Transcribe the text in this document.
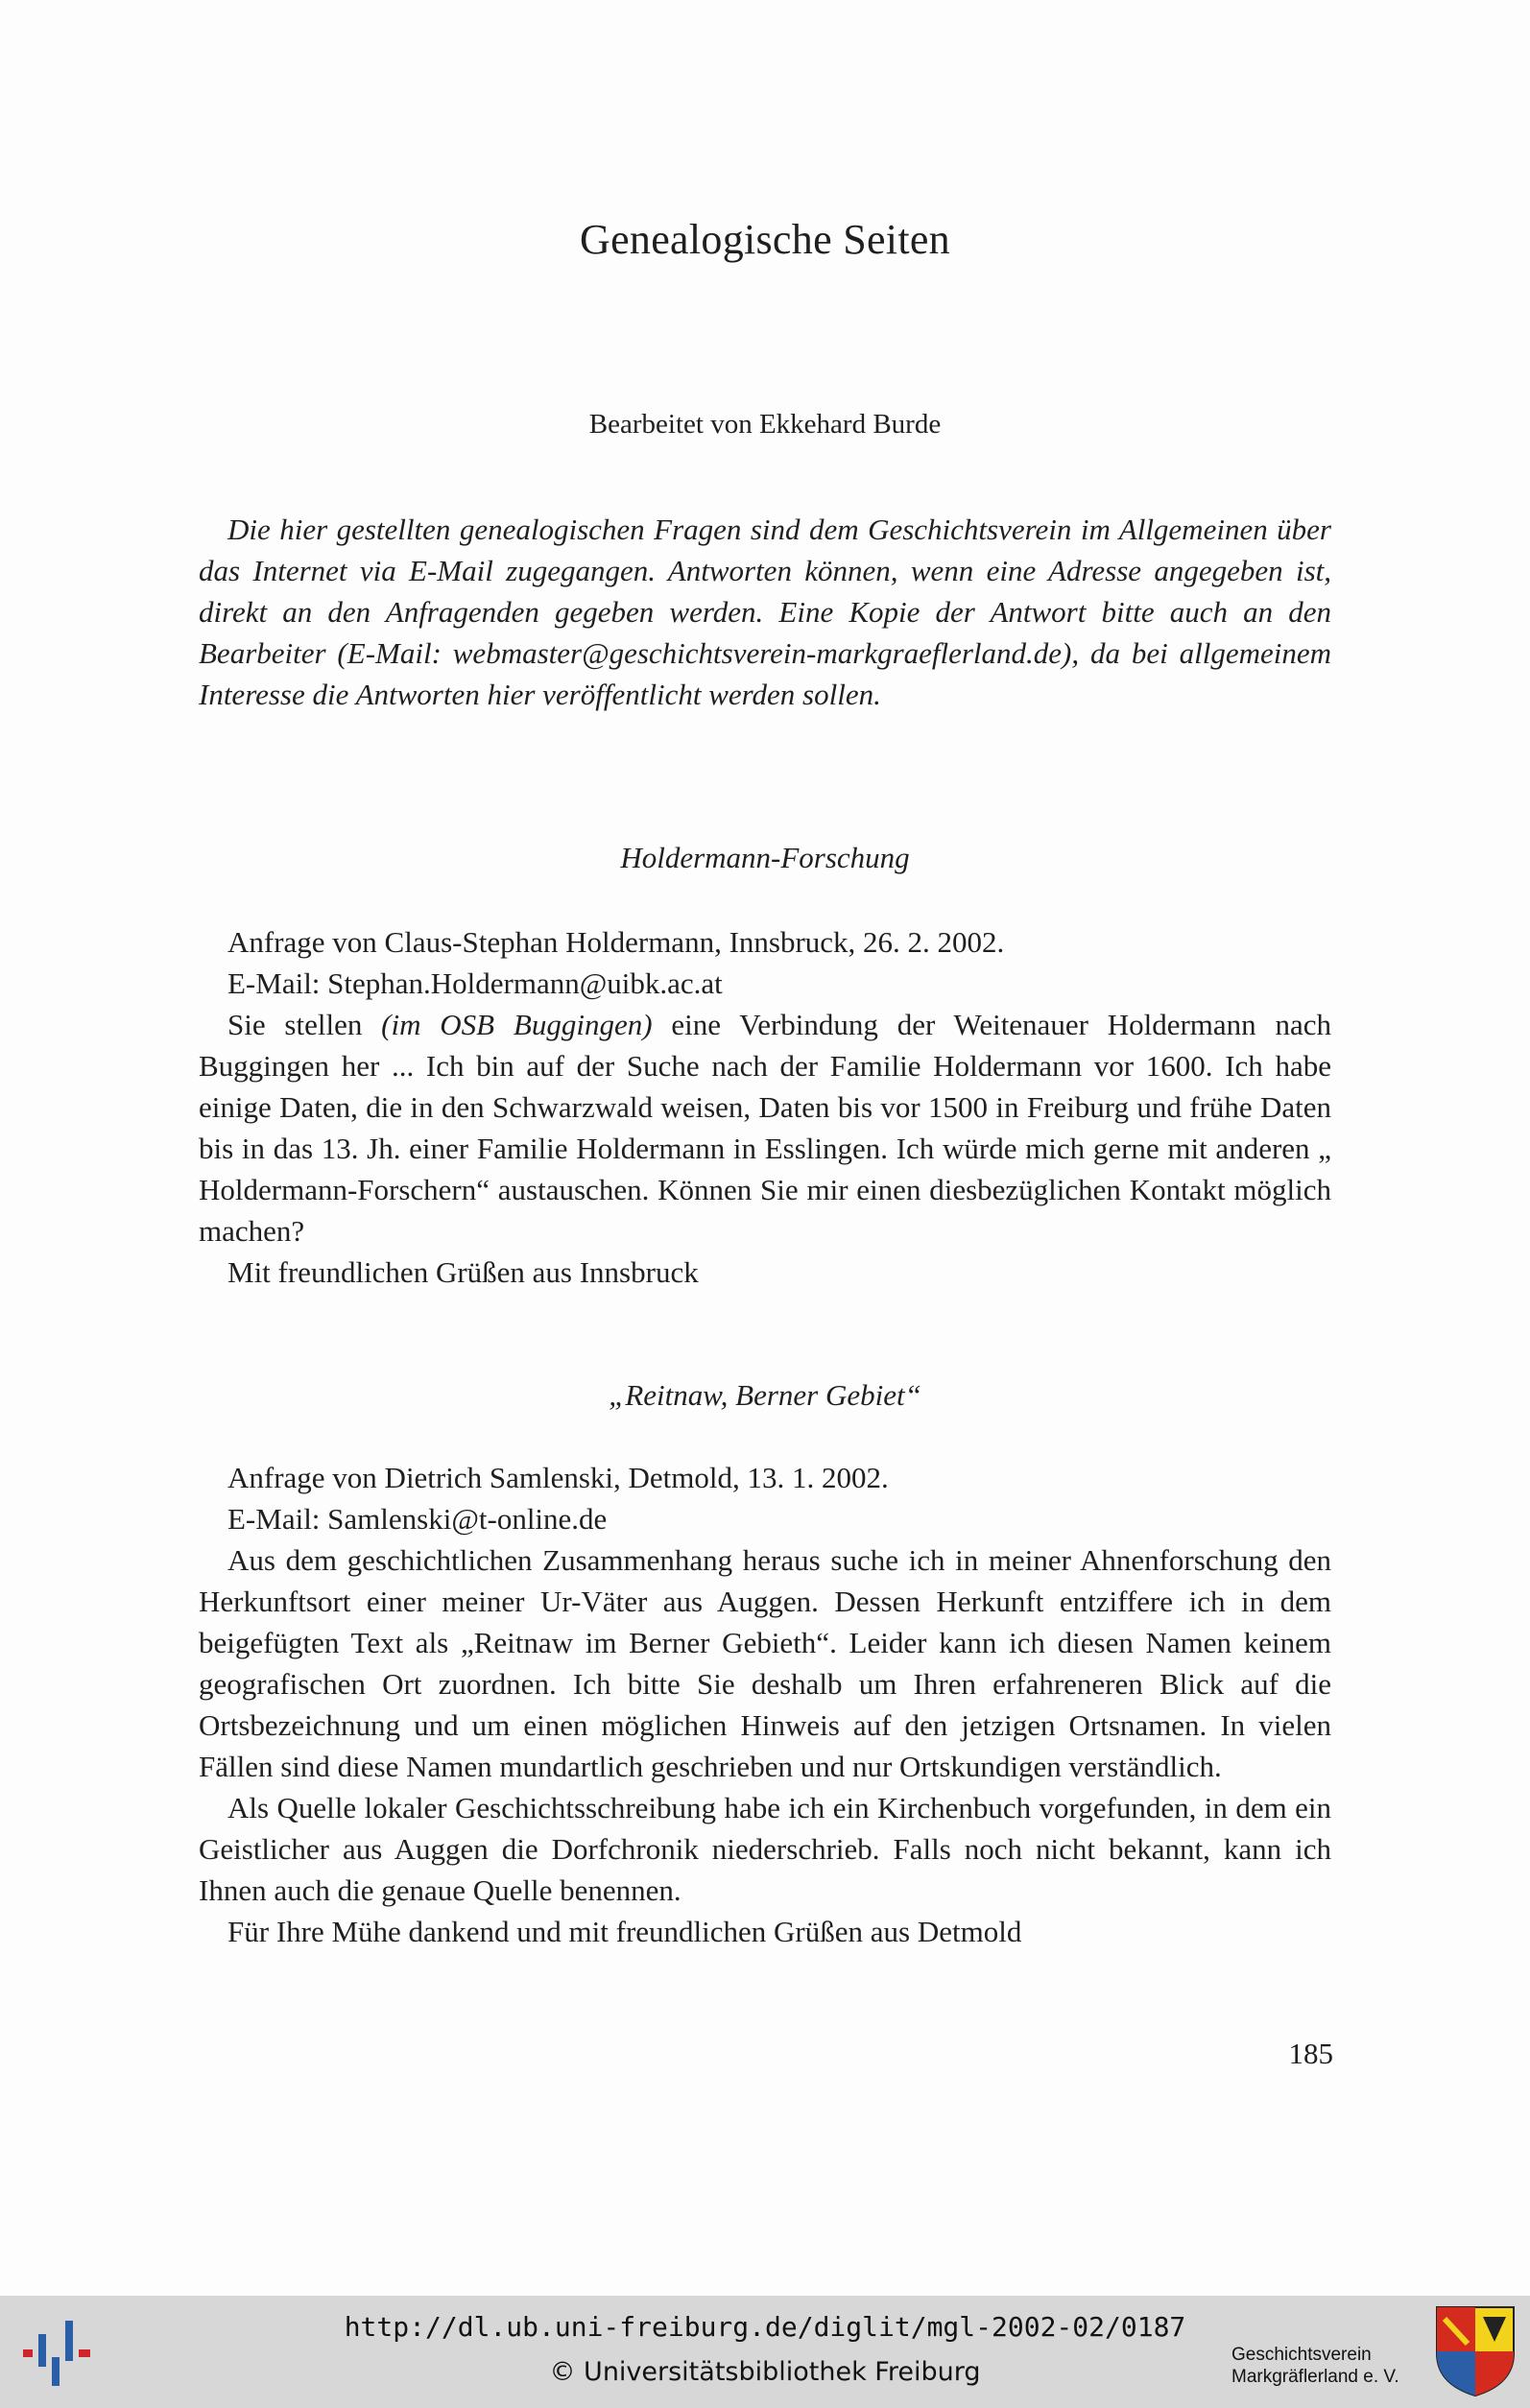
Genealogische Seiten
Bearbeitet von Ekkehard Burde

Die hier gestellten genealogischen Fragen sind dem Geschichtsverein im Allgemeinen über das Internet via E-Mail zugegangen. Antworten können, wenn eine Adresse angegeben ist, direkt an den Anfragenden gegeben werden. Eine Kopie der Antwort bitte auch an den Bearbeiter (E-Mail: webmaster@geschichtsverein-markgraeflerland.de), da bei allgemeinem Interesse die Antworten hier veröffentlicht werden sollen.

Holdermann-Forschung

Anfrage von Claus-Stephan Holdermann, Innsbruck, 26. 2. 2002.

E-Mail: Stephan.Holdermann@uibk.ac.at

Sie stellen (im OSB Buggingen) eine Verbindung der Weitenauer Holdermann nach Buggingen her ... Ich bin auf der Suche nach der Familie Holdermann vor 1600. Ich habe einige Daten, die in den Schwarzwald weisen, Daten bis vor 1500 in Freiburg und frühe Daten bis in das 13. Jh. einer Familie Holdermann in Esslingen. Ich würde mich gerne mit anderen „ Holdermann-Forschern“ austauschen. Können Sie mir einen diesbezüglichen Kontakt möglich machen?

Mit freundlichen Grüßen aus Innsbruck

„Reitnaw, Berner Gebiet“

Anfrage von Dietrich Samlenski, Detmold, 13. 1. 2002.

E-Mail: Samlenski@t-online.de

Aus dem geschichtlichen Zusammenhang heraus suche ich in meiner Ahnenforschung den Herkunftsort einer meiner Ur-Väter aus Auggen. Dessen Herkunft entziffere ich in dem beigefügten Text als „Reitnaw im Berner Gebieth“. Leider kann ich diesen Namen keinem geografischen Ort zuordnen. Ich bitte Sie deshalb um Ihren erfahreneren Blick auf die Ortsbezeichnung und um einen möglichen Hinweis auf den jetzigen Ortsnamen. In vielen Fällen sind diese Namen mundartlich geschrieben und nur Ortskundigen verständlich.

Als Quelle lokaler Geschichtsschreibung habe ich ein Kirchenbuch vorgefunden, in dem ein Geistlicher aus Auggen die Dorfchronik niederschrieb. Falls noch nicht bekannt, kann ich Ihnen auch die genaue Quelle benennen.

Für Ihre Mühe dankend und mit freundlichen Grüßen aus Detmold

185
http://dl.ub.uni-freiburg.de/diglit/mgl-2002-02/0187
© Universitätsbibliothek Freiburg
Geschichtsverein
Markgräflerland e. V.
